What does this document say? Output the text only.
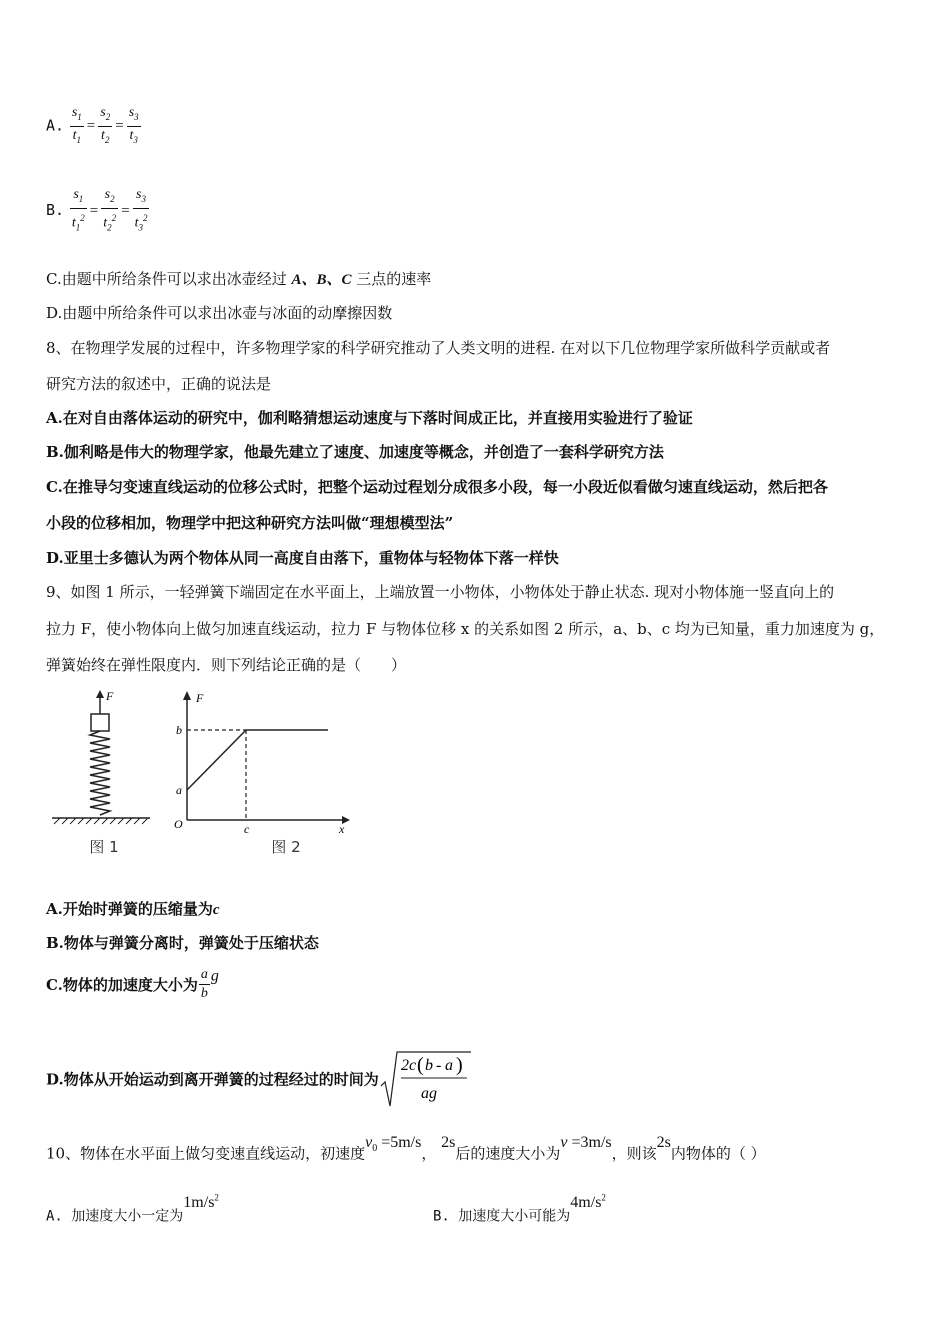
A. $\frac{s_1}{t_1} = \frac{s_2}{t_2} = \frac{s_3}{t_3}$
B. $\frac{s_1}{t_1^2} = \frac{s_2}{t_2^2} = \frac{s_3}{t_3^2}$
C.由题中所给条件可以求出冰壶经过 A、B、C 三点的速率
D.由题中所给条件可以求出冰壶与冰面的动摩擦因数
8、在物理学发展的过程中，许多物理学家的科学研究推动了人类文明的进程. 在对以下几位物理学家所做科学贡献或者
研究方法的叙述中，正确的说法是
A.在对自由落体运动的研究中，伽利略猜想运动速度与下落时间成正比，并直接用实验进行了验证
B.伽利略是伟大的物理学家，他最先建立了速度、加速度等概念，并创造了一套科学研究方法
C.在推导匀变速直线运动的位移公式时，把整个运动过程划分成很多小段，每一小段近似看做匀速直线运动，然后把各
小段的位移相加，物理学中把这种研究方法叫做“理想模型法”
D.亚里士多德认为两个物体从同一高度自由落下，重物体与轻物体下落一样快
9、如图 1 所示，一轻弹簧下端固定在水平面上，上端放置一小物体，小物体处于静止状态. 现对小物体施一竖直向上的
拉力 F，使小物体向上做匀加速直线运动，拉力 F 与物体位移 x 的关系如图 2 所示，a、b、c 均为已知量，重力加速度为 g，
弹簧始终在弹性限度内．则下列结论正确的是（　　）
F
图 1
F
x
O
b
a
c
图 2
A.开始时弹簧的压缩量为c
B.物体与弹簧分离时，弹簧处于压缩状态
C.物体的加速度大小为 $\frac{a}{b}$ g
D.物体从开始运动到离开弹簧的过程经过的时间为
2c ( b - a )
ag
10、物体在水平面上做匀变速直线运动，初速度$v_0 =5m/s$， 2s后的速度大小为v =3m/s，则该2s内物体的（ ）
A. 加速度大小一定为$1m/s^2$
B. 加速度大小可能为$4m/s^2$
